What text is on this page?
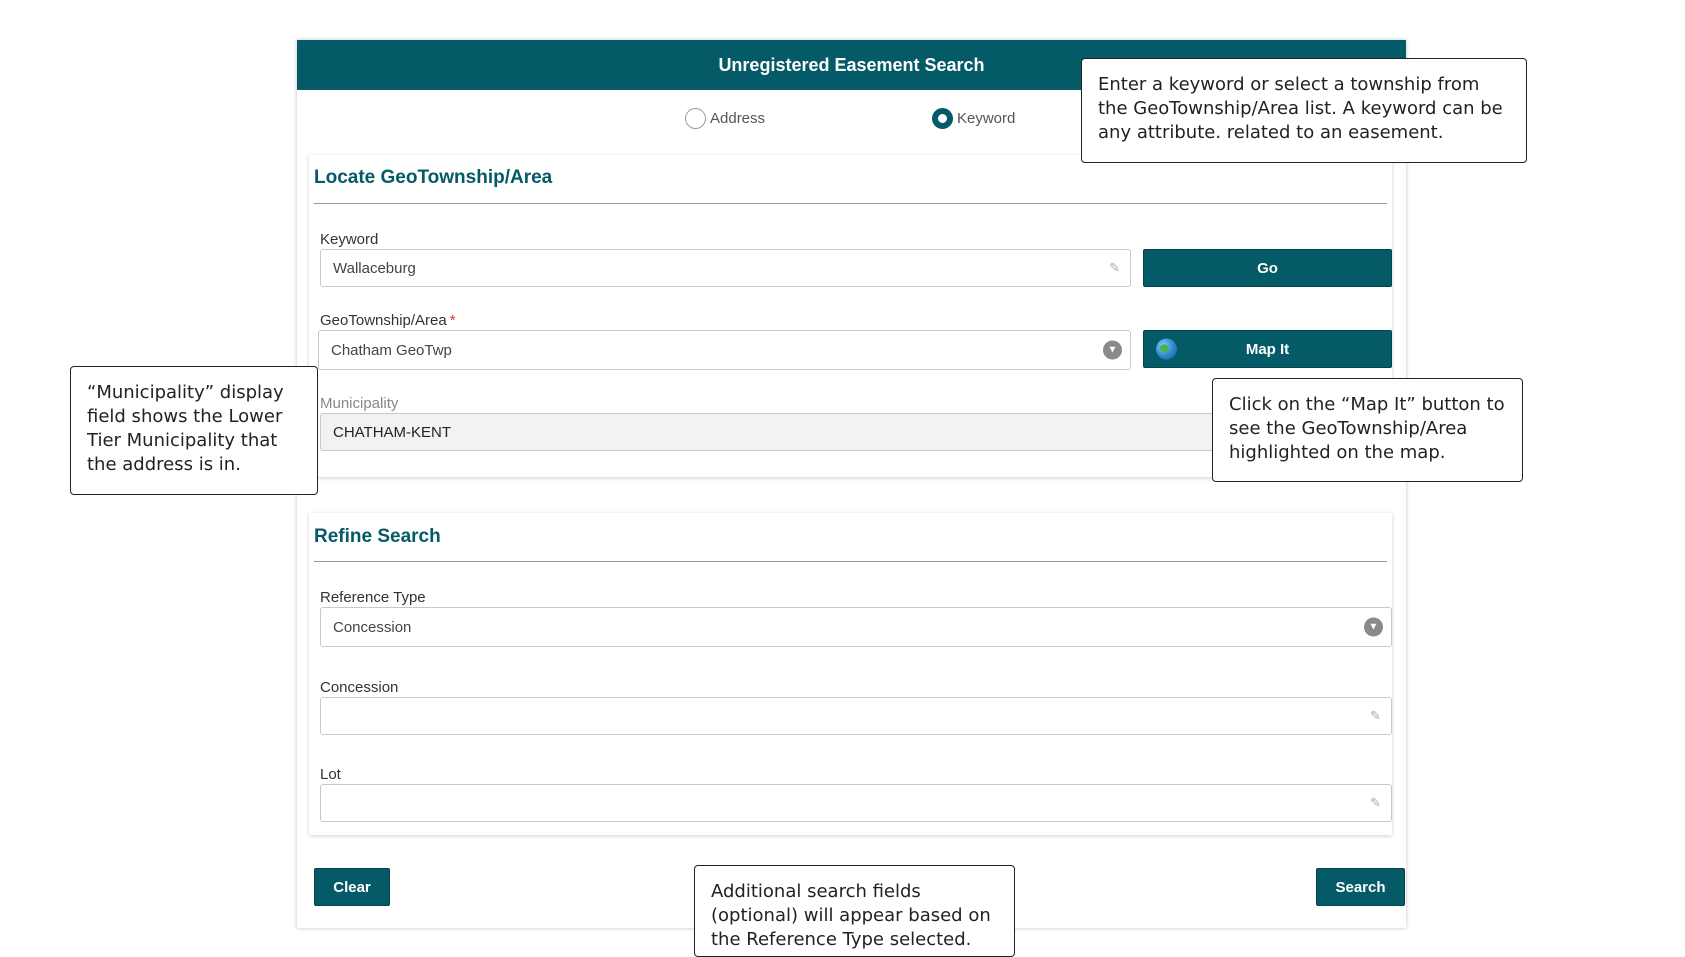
Unregistered Easement Search
Address	Keyword
Locate GeoTownship/Area
Keyword
Wallaceburg	✎	Go
GeoTownship/Area *
Chatham GeoTwp	▼	Map It
Municipality
CHATHAM-KENT
Refine Search
Reference Type
Concession	▼
Concession
✎
Lot
✎
Clear	Search
Enter a keyword or select a township from the GeoTownship/Area list. A keyword can be any attribute. related to an easement.
“Municipality” display field shows the Lower Tier Municipality that the address is in.
Click on the “Map It” button to see the GeoTownship/Area highlighted on the map.
Additional search fields (optional) will appear based on the Reference Type selected.
